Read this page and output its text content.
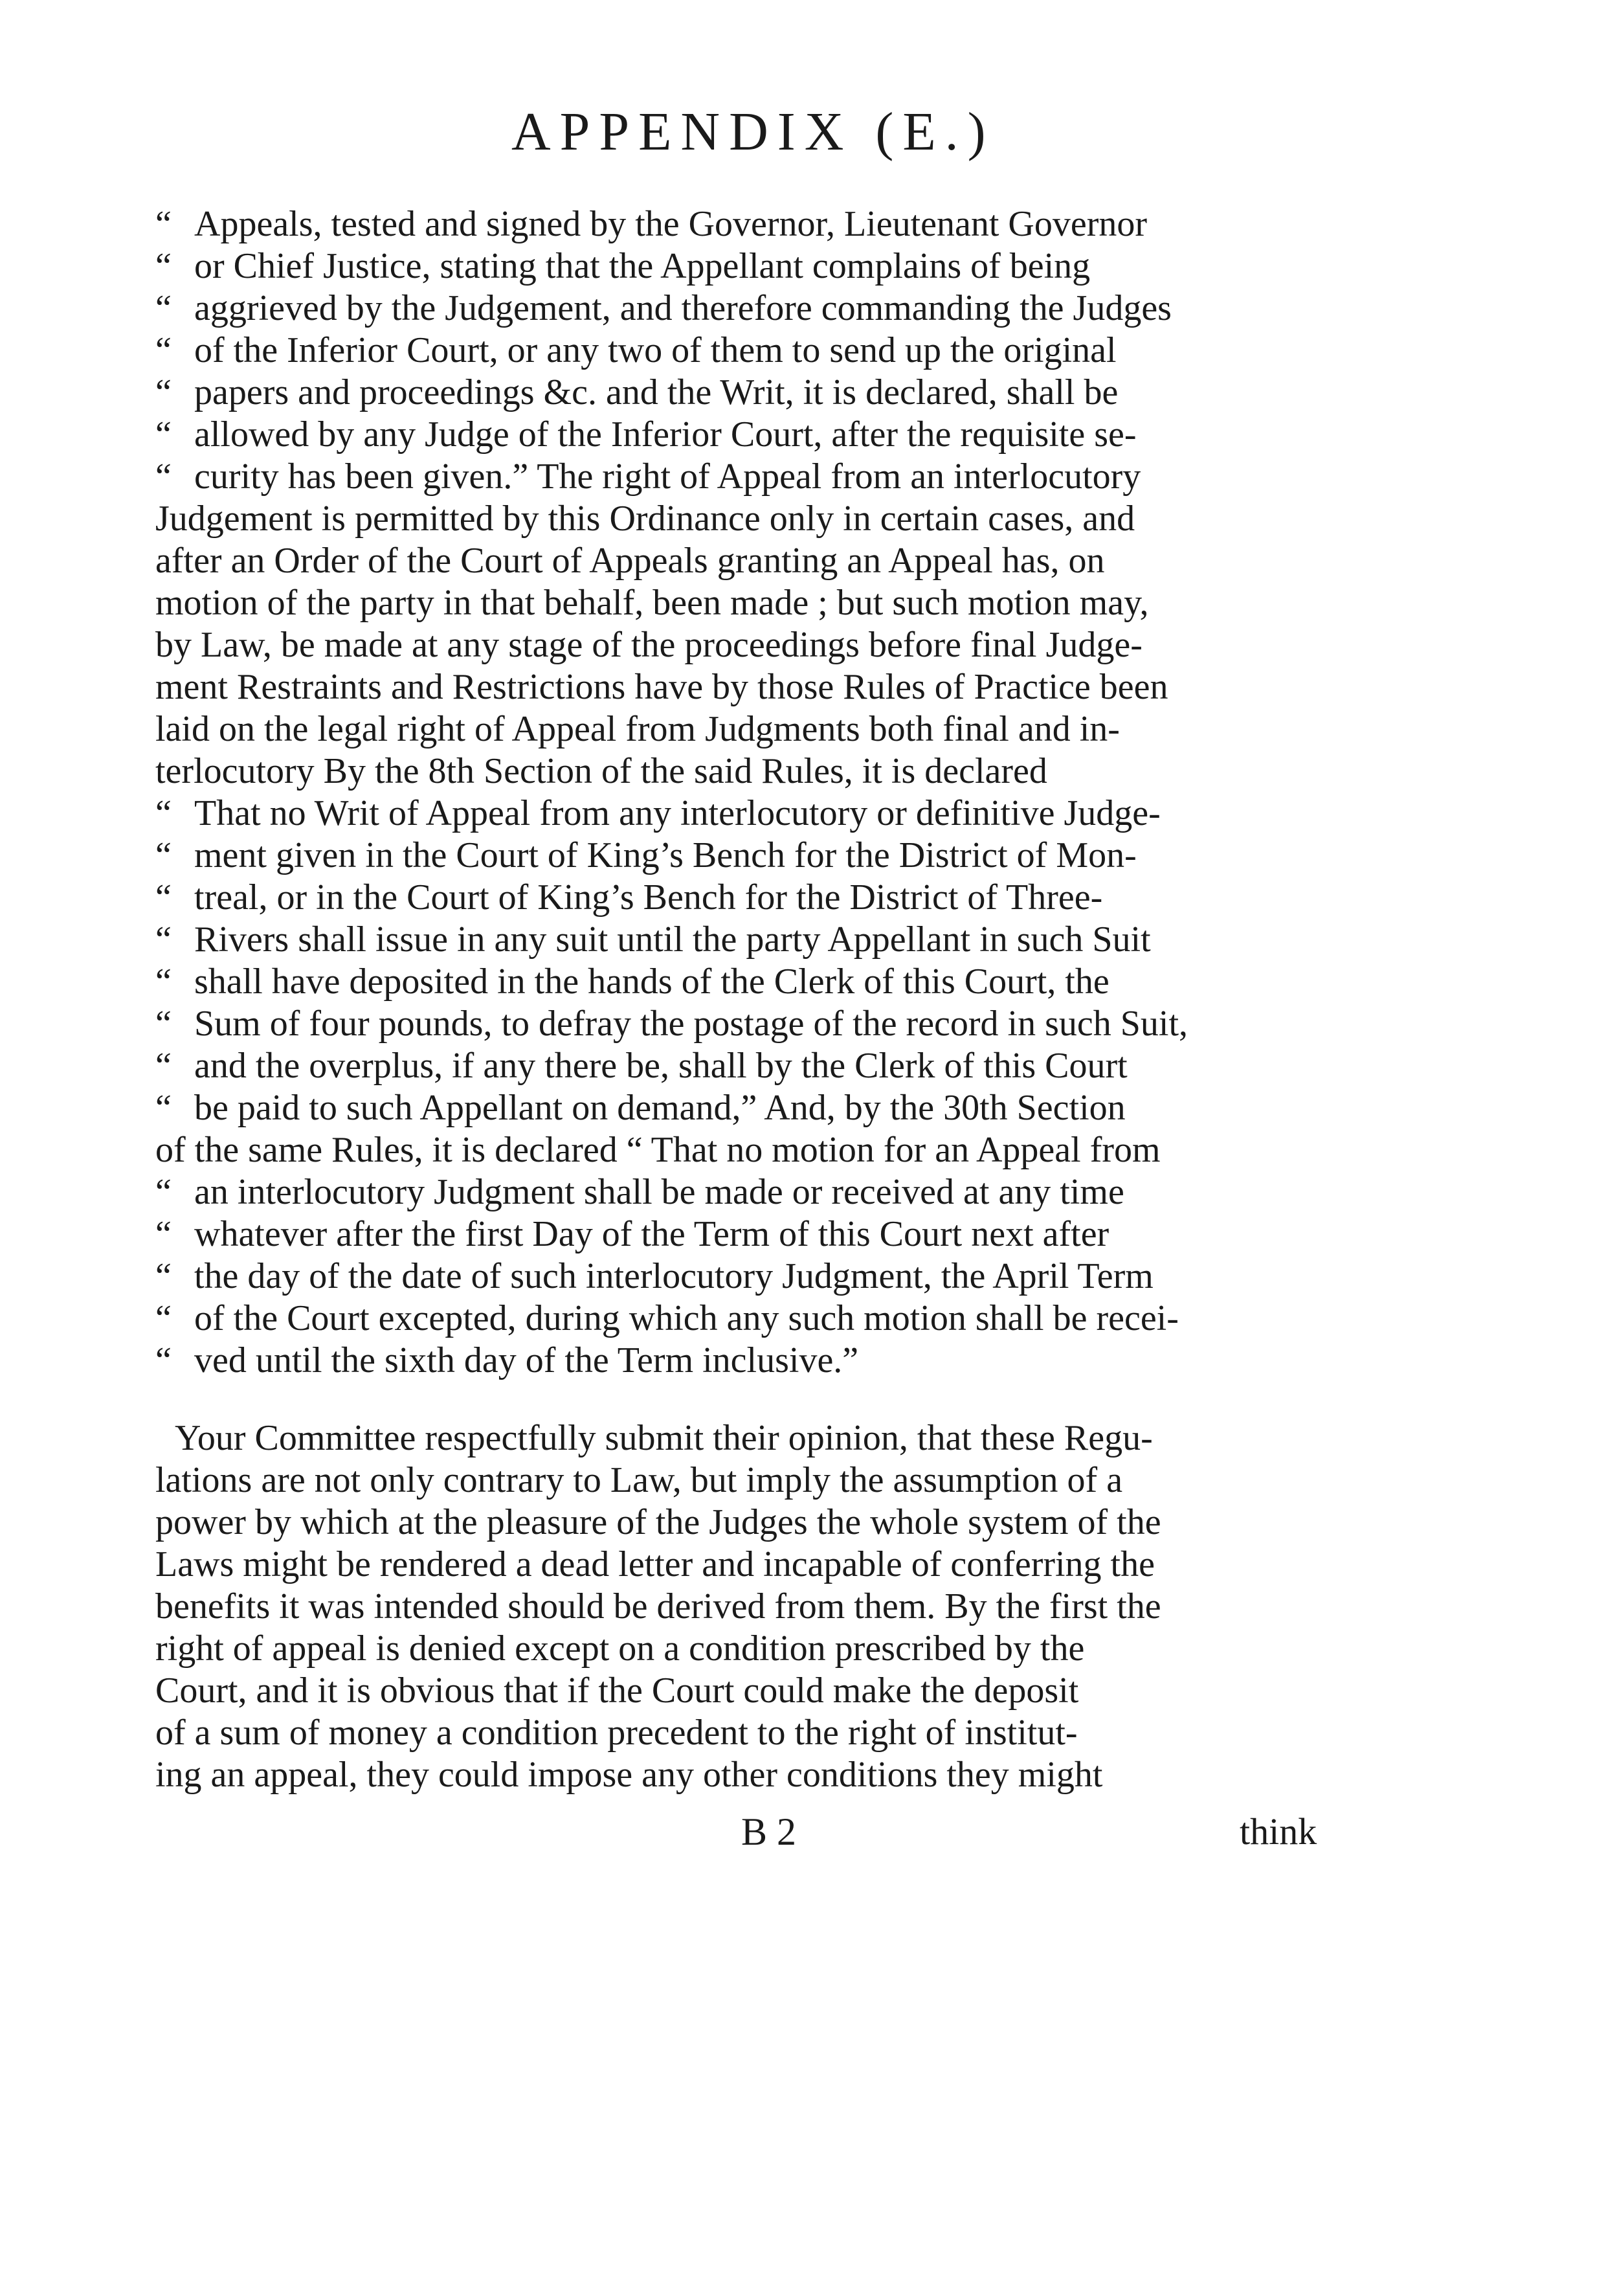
APPENDIX (E.)
“ Appeals, tested and signed by the Governor, Lieutenant Governor
“ or Chief Justice, stating that the Appellant complains of being
“ aggrieved by the Judgement, and therefore commanding the Judges
“ of the Inferior Court, or any two of them to send up the original
“ papers and proceedings &c. and the Writ, it is declared, shall be
“ allowed by any Judge of the Inferior Court, after the requisite se-
“ curity has been given.” The right of Appeal from an interlocutory
Judgement is permitted by this Ordinance only in certain cases, and
after an Order of the Court of Appeals granting an Appeal has, on
motion of the party in that behalf, been made ; but such motion may,
by Law, be made at any stage of the proceedings before final Judge-
ment Restraints and Restrictions have by those Rules of Practice been
laid on the legal right of Appeal from Judgments both final and in-
terlocutory By the 8th Section of the said Rules, it is declared
“ That no Writ of Appeal from any interlocutory or definitive Judge-
“ ment given in the Court of King’s Bench for the District of Mon-
“ treal, or in the Court of King’s Bench for the District of Three-
“ Rivers shall issue in any suit until the party Appellant in such Suit
“ shall have deposited in the hands of the Clerk of this Court, the
“ Sum of four pounds, to defray the postage of the record in such Suit,
“ and the overplus, if any there be, shall by the Clerk of this Court
“ be paid to such Appellant on demand,” And, by the 30th Section
of the same Rules, it is declared “ That no motion for an Appeal from
“ an interlocutory Judgment shall be made or received at any time
“ whatever after the first Day of the Term of this Court next after
“ the day of the date of such interlocutory Judgment, the April Term
“ of the Court excepted, during which any such motion shall be recei-
“ ved until the sixth day of the Term inclusive.”
Your Committee respectfully submit their opinion, that these Regu-
lations are not only contrary to Law, but imply the assumption of a
power by which at the pleasure of the Judges the whole system of the
Laws might be rendered a dead letter and incapable of conferring the
benefits it was intended should be derived from them. By the first the
right of appeal is denied except on a condition prescribed by the
Court, and it is obvious that if the Court could make the deposit
of a sum of money a condition precedent to the right of institut-
ing an appeal, they could impose any other conditions they might
B 2	think
